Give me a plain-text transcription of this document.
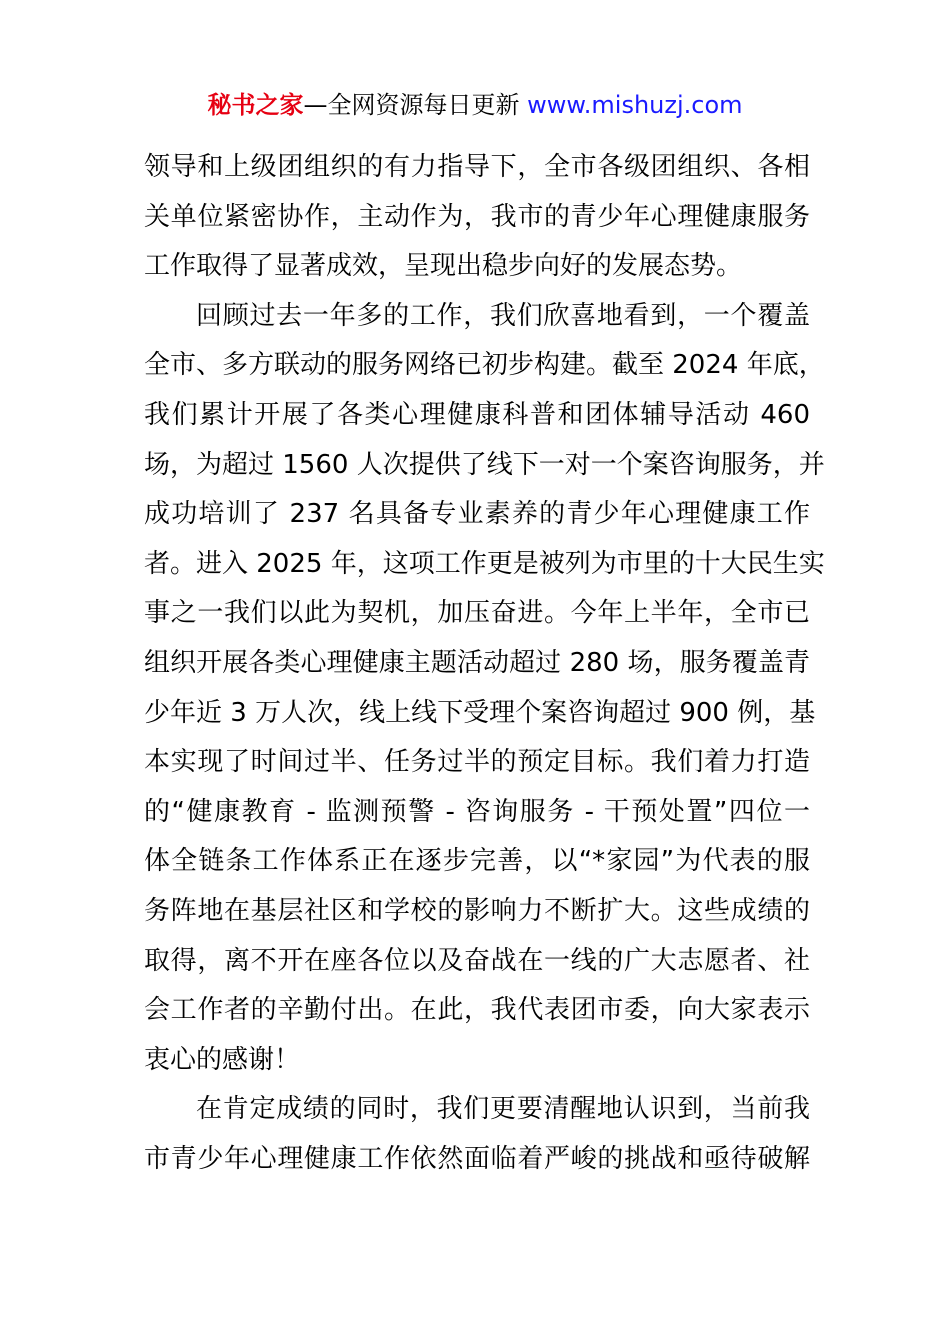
秘书之家—全网资源每日更新 www.mishuzj.com
领导和上级团组织的有力指导下，全市各级团组织、各相
关单位紧密协作，主动作为，我市的青少年心理健康服务
工作取得了显著成效，呈现出稳步向好的发展态势。
回顾过去一年多的工作，我们欣喜地看到，一个覆盖
全市、多方联动的服务网络已初步构建。截至 2024 年底，
我们累计开展了各类心理健康科普和团体辅导活动 460
场，为超过 1560 人次提供了线下一对一个案咨询服务，并
成功培训了 237 名具备专业素养的青少年心理健康工作
者。进入 2025 年，这项工作更是被列为市里的十大民生实
事之一我们以此为契机，加压奋进。今年上半年，全市已
组织开展各类心理健康主题活动超过 280 场，服务覆盖青
少年近 3 万人次，线上线下受理个案咨询超过 900 例，基
本实现了时间过半、任务过半的预定目标。我们着力打造
的“健康教育 - 监测预警 - 咨询服务 - 干预处置”四位一
体全链条工作体系正在逐步完善，以“*家园”为代表的服
务阵地在基层社区和学校的影响力不断扩大。这些成绩的
取得，离不开在座各位以及奋战在一线的广大志愿者、社
会工作者的辛勤付出。在此，我代表团市委，向大家表示
衷心的感谢！
在肯定成绩的同时，我们更要清醒地认识到，当前我
市青少年心理健康工作依然面临着严峻的挑战和亟待破解
